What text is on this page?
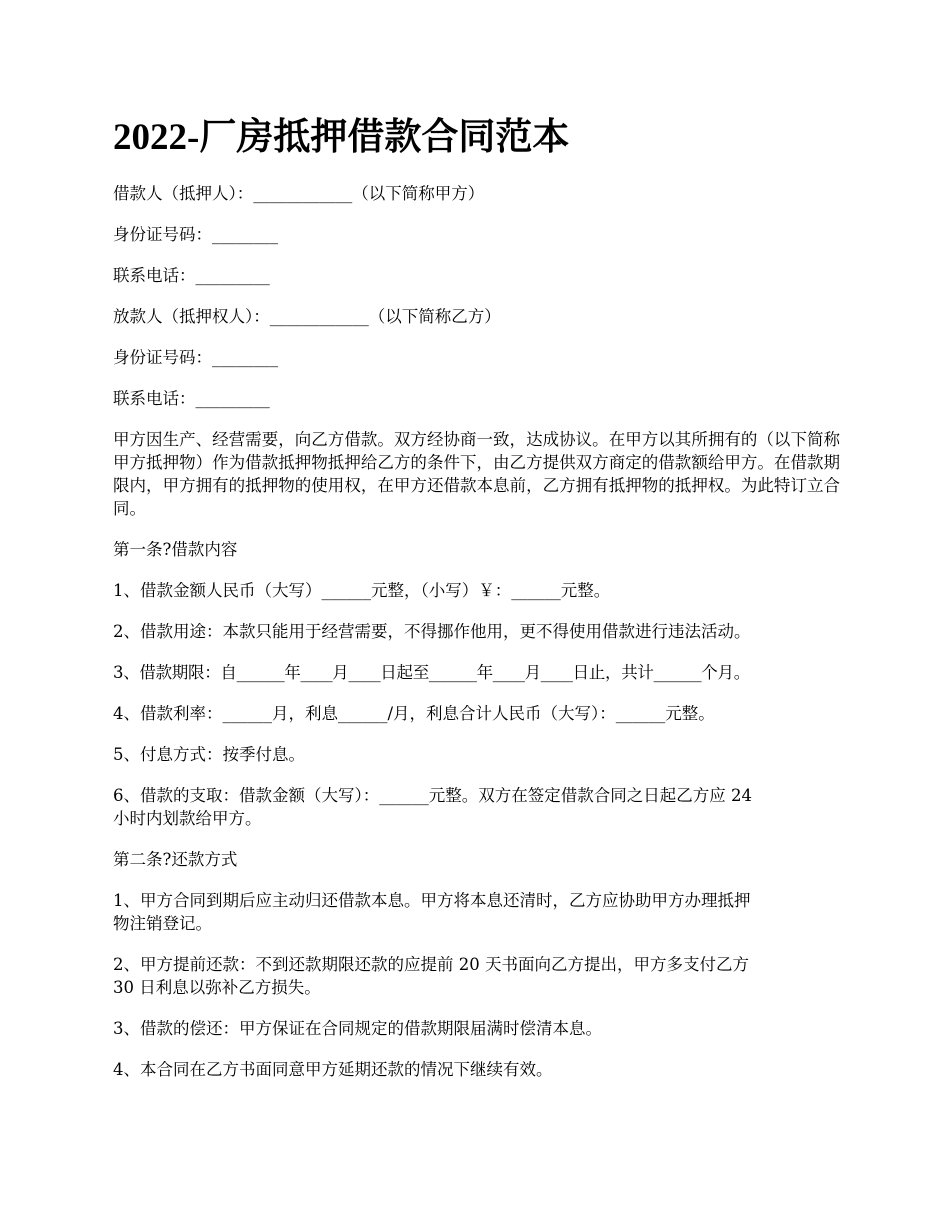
2022-厂房抵押借款合同范本

借款人（抵押人）：____________（以下简称甲方）

身份证号码：________

联系电话：_________

放款人（抵押权人）：____________（以下简称乙方）

身份证号码：________

联系电话：_________

甲方因生产、经营需要，向乙方借款。双方经协商一致，达成协议。在甲方以其所拥有的（以下简称甲方抵押物）作为借款抵押物抵押给乙方的条件下，由乙方提供双方商定的借款额给甲方。在借款期限内，甲方拥有的抵押物的使用权，在甲方还借款本息前，乙方拥有抵押物的抵押权。为此特订立合同。

第一条?借款内容

1、借款金额人民币（大写）______元整，（小写）￥：______元整。

2、借款用途：本款只能用于经营需要，不得挪作他用，更不得使用借款进行违法活动。

3、借款期限：自______年____月____日起至______年____月____日止，共计______个月。

4、借款利率：______月，利息______/月，利息合计人民币（大写）：______元整。

5、付息方式：按季付息。

6、借款的支取：借款金额（大写）：______元整。双方在签定借款合同之日起乙方应 24
小时内划款给甲方。

第二条?还款方式

1、甲方合同到期后应主动归还借款本息。甲方将本息还清时，乙方应协助甲方办理抵押
物注销登记。

2、甲方提前还款：不到还款期限还款的应提前 20 天书面向乙方提出，甲方多支付乙方
30 日利息以弥补乙方损失。

3、借款的偿还：甲方保证在合同规定的借款期限届满时偿清本息。

4、本合同在乙方书面同意甲方延期还款的情况下继续有效。
